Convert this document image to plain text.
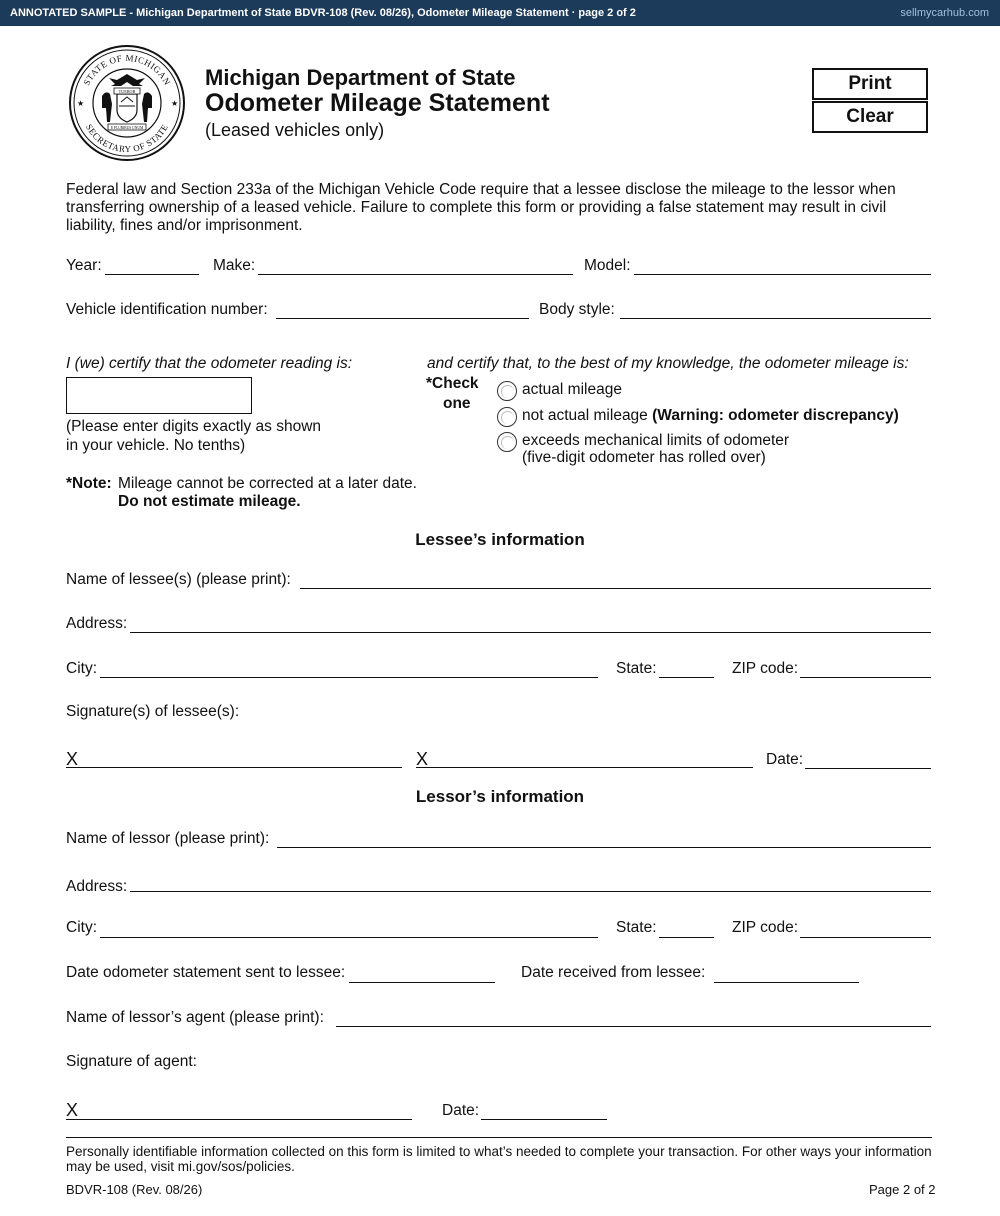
ANNOTATED SAMPLE - Michigan Department of State BDVR-108 (Rev. 08/26), Odometer Mileage Statement · page 2 of 2	sellmycarhub.com
STATE OF MICHIGAN
SECRETARY OF STATE
★	★
TUEBOR
E PLURIBUS UNUM
Michigan Department of State
Odometer Mileage Statement
(Leased vehicles only)
Print
Clear
Federal law and Section 233a of the Michigan Vehicle Code require that a lessee disclose the mileage to the lessor when transferring ownership of a leased vehicle. Failure to complete this form or providing a false statement may result in civil liability, fines and/or imprisonment.
Year:	Make:	Model:
Vehicle identification number:	Body style:
I (we) certify that the odometer reading is:
(Please enter digits exactly as shown
in your vehicle. No tenths)
and certify that, to the best of my knowledge, the odometer mileage is:
*Check
one
actual mileage
not actual mileage (Warning: odometer discrepancy)
exceeds mechanical limits of odometer
(five-digit odometer has rolled over)
*Note: Mileage cannot be corrected at a later date.
Do not estimate mileage.
Lessee’s information
Name of lessee(s) (please print):
Address:
City:	State:	ZIP code:
Signature(s) of lessee(s):
X	X	Date:
Lessor’s information
Name of lessor (please print):
Address:
City:	State:	ZIP code:
Date odometer statement sent to lessee:	Date received from lessee:
Name of lessor’s agent (please print):
Signature of agent:
X	Date:
Personally identifiable information collected on this form is limited to what’s needed to complete your transaction. For other ways your information may be used, visit mi.gov/sos/policies.
BDVR-108 (Rev. 08/26)	Page 2 of 2
